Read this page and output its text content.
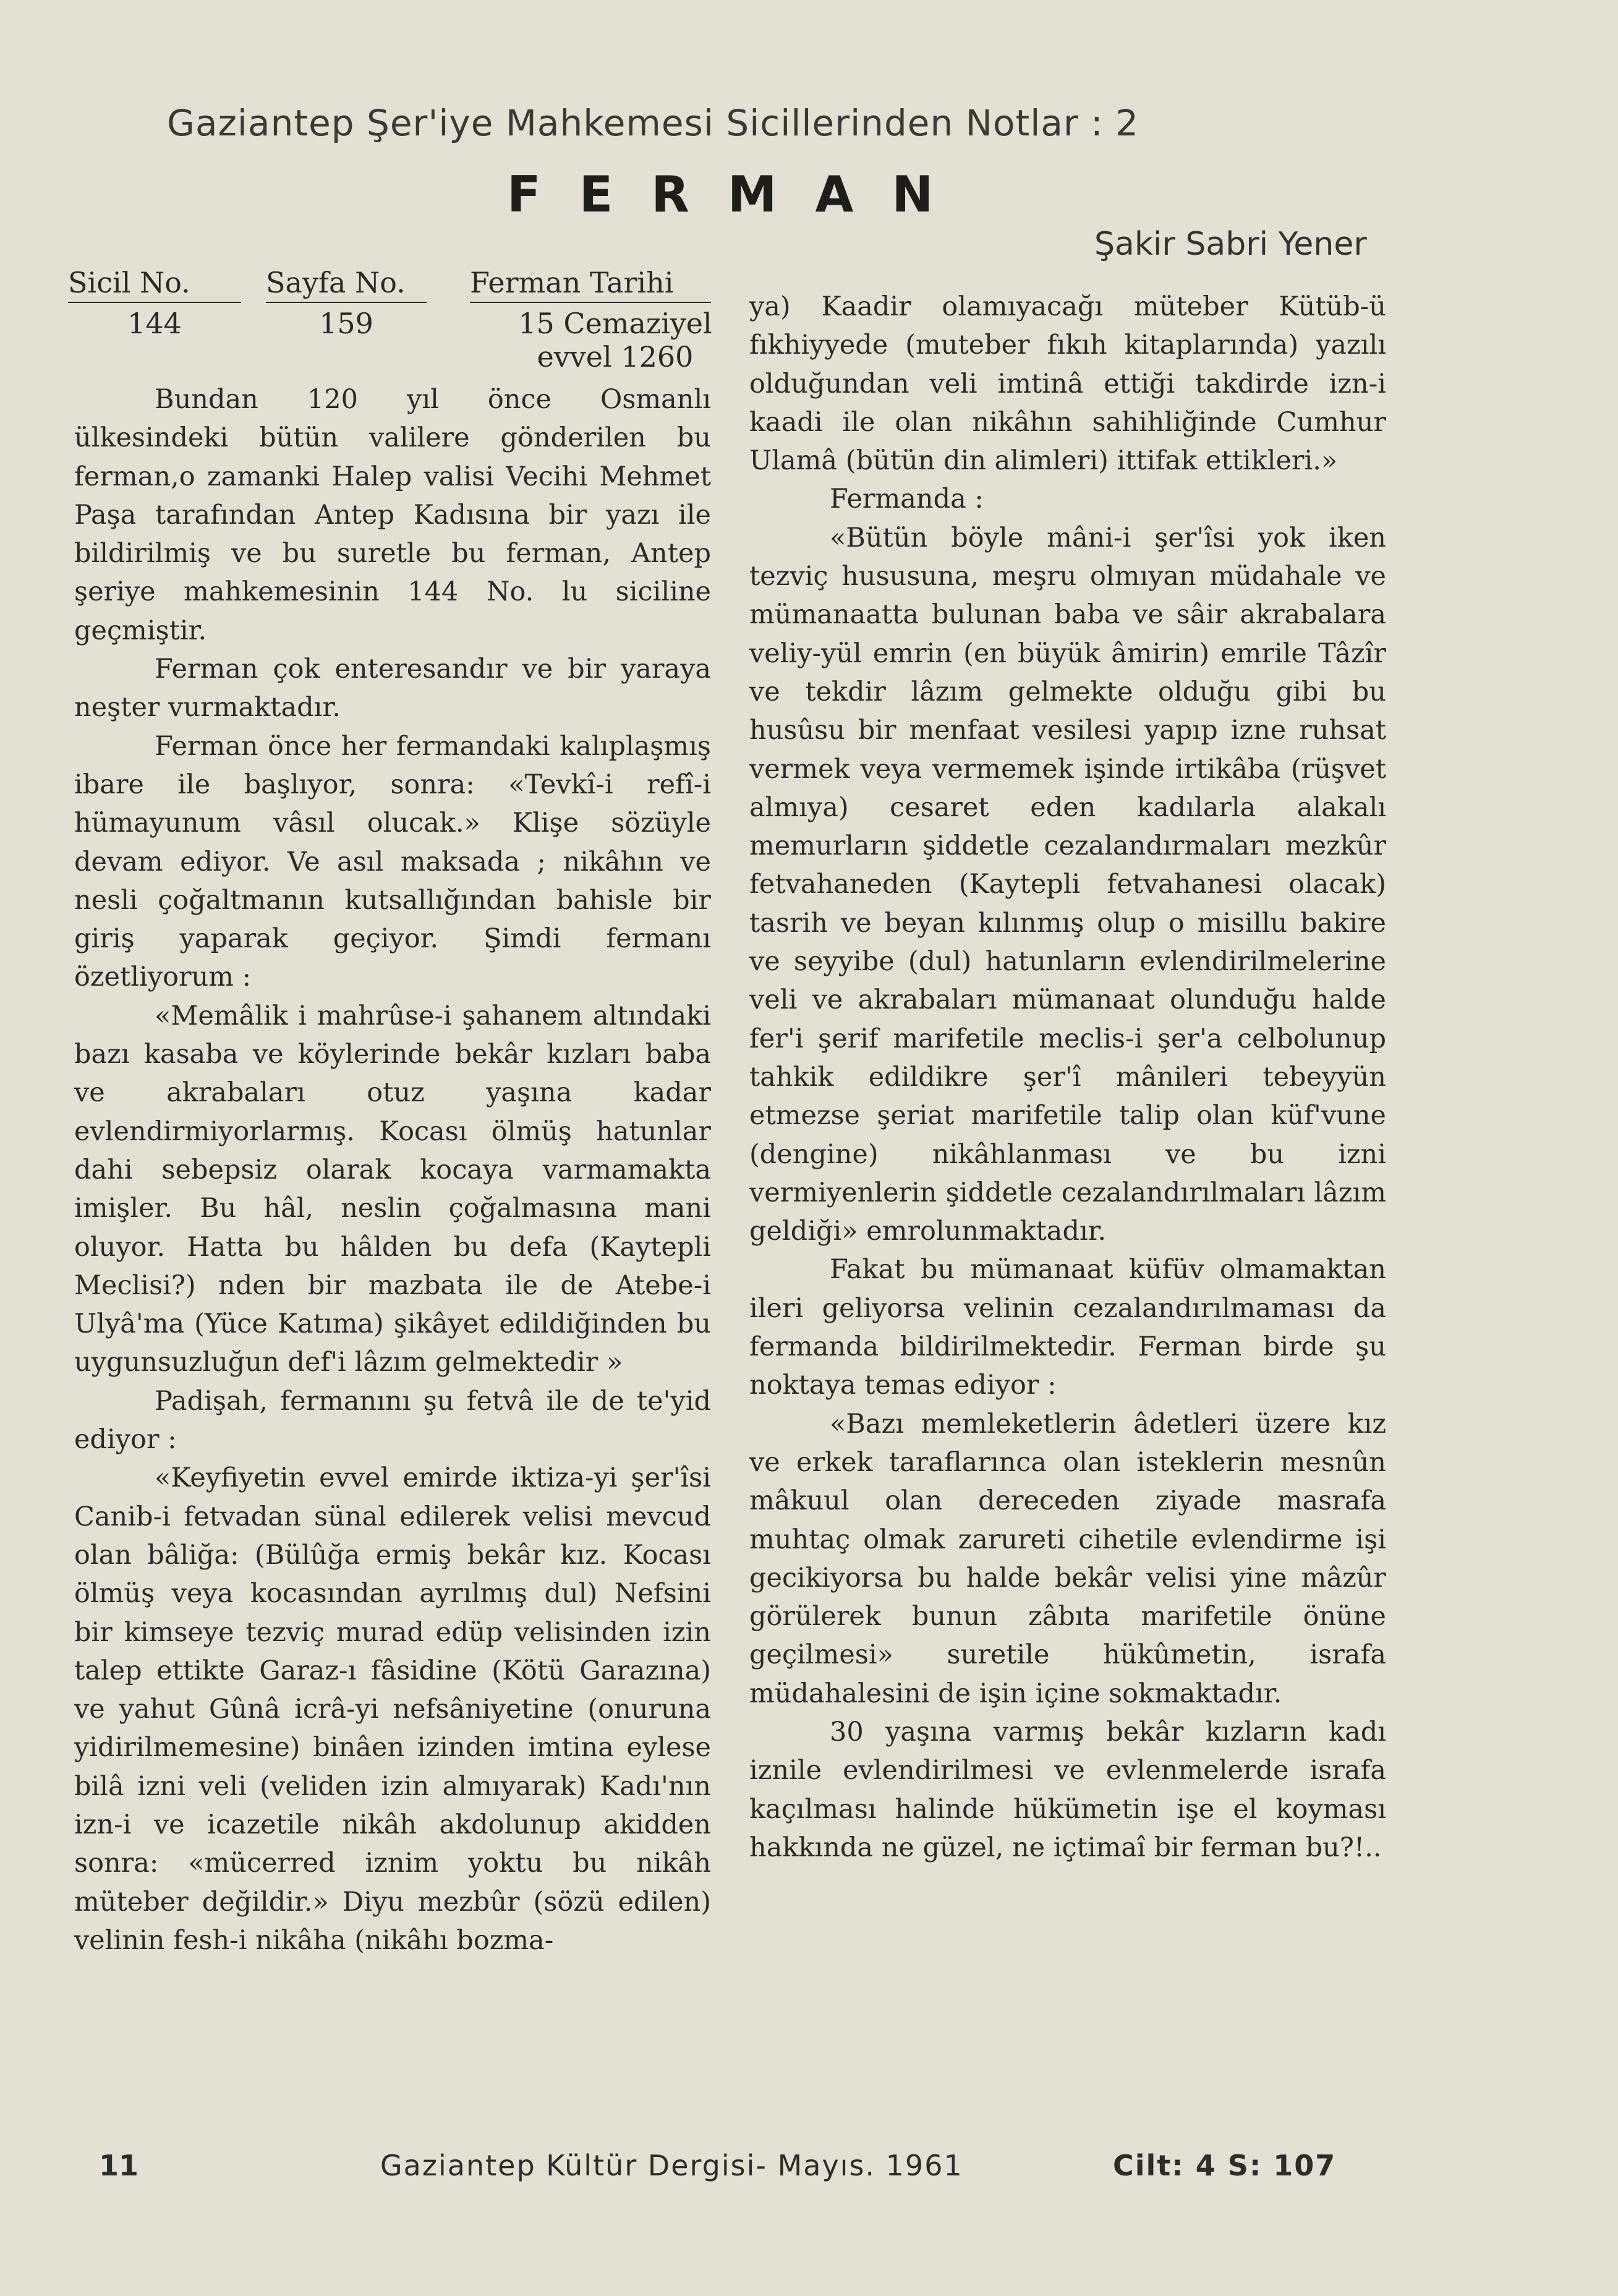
Gaziantep Şer'iye Mahkemesi Sicillerinden Notlar : 2
FERMAN
Şakir Sabri Yener
Sicil No.
144
Sayfa No.
159
Ferman Tarihi
15 Cemaziyel evvel 1260

Bundan 120 yıl önce Osmanlı ülkesindeki bütün valilere gönderilen bu ferman,o zamanki Halep valisi Vecihi Mehmet Paşa tarafından Antep Kadısına bir yazı ile bildirilmiş ve bu suretle bu ferman, Antep şeriye mahkemesinin 144 No. lu siciline geçmiştir.

Ferman çok enteresandır ve bir yaraya neşter vurmaktadır.

Ferman önce her fermandaki kalıplaşmış ibare ile başlıyor, sonra: «Tevkî-i refî-i hümayunum vâsıl olucak.» Klişe sözüyle devam ediyor. Ve asıl maksada ; nikâhın ve nesli çoğaltmanın kutsallığından bahisle bir giriş yaparak geçiyor. Şimdi fermanı özetliyorum :

«Memâlik i mahrûse-i şahanem altındaki bazı kasaba ve köylerinde bekâr kızları baba ve akrabaları otuz yaşına kadar evlendirmiyorlarmış. Kocası ölmüş hatunlar dahi sebepsiz olarak kocaya varmamakta imişler. Bu hâl, neslin çoğalmasına mani oluyor. Hatta bu hâlden bu defa (Kaytepli Meclisi?) nden bir mazbata ile de Atebe-i Ulyâ'ma (Yüce Katıma) şikâyet edildiğinden bu uygunsuzluğun def'i lâzım gelmektedir »

Padişah, fermanını şu fetvâ ile de te'yid ediyor :

«Keyfiyetin evvel emirde iktiza-yi şer'îsi Canib-i fetvadan sünal edilerek velisi mevcud olan bâliğa: (Bülûğa ermiş bekâr kız. Kocası ölmüş veya kocasından ayrılmış dul) Nefsini bir kimseye tezviç murad edüp velisinden izin talep ettikte Garaz-ı fâsidine (Kötü Garazına) ve yahut Gûnâ icrâ-yi nefsâniyetine (onuruna yidirilmemesine) binâen izinden imtina eylese bilâ izni veli (veliden izin almıyarak) Kadı'nın izn-i ve icazetile nikâh akdolunup akidden sonra: «mücerred iznim yoktu bu nikâh müteber değildir.» Diyu mezbûr (sözü edilen) velinin fesh-i nikâha (nikâhı bozma-

ya) Kaadir olamıyacağı müteber Kütüb-ü fıkhiyyede (muteber fıkıh kitaplarında) yazılı olduğundan veli imtinâ ettiği takdirde izn-i kaadi ile olan nikâhın sahihliğinde Cumhur Ulamâ (bütün din alimleri) ittifak ettikleri.»

Fermanda :

«Bütün böyle mâni-i şer'îsi yok iken tezviç hususuna, meşru olmıyan müdahale ve mümanaatta bulunan baba ve sâir akrabalara veliy-yül emrin (en büyük âmirin) emrile Tâzîr ve tekdir lâzım gelmekte olduğu gibi bu husûsu bir menfaat vesilesi yapıp izne ruhsat vermek veya vermemek işinde irtikâba (rüşvet almıya) cesaret eden kadılarla alakalı memurların şiddetle cezalandırmaları mezkûr fetvahaneden (Kaytepli fetvahanesi olacak) tasrih ve beyan kılınmış olup o misillu bakire ve seyyibe (dul) hatunların evlendirilmelerine veli ve akrabaları mümanaat olunduğu halde fer'i şerif marifetile meclis-i şer'a celbolunup tahkik edildikre şer'î mânileri tebeyyün etmezse şeriat marifetile talip olan küf'vune (dengine) nikâhlanması ve bu izni vermiyenlerin şiddetle cezalandırılmaları lâzım geldiği» emrolunmaktadır.

Fakat bu mümanaat küfüv olmamaktan ileri geliyorsa velinin cezalandırılmaması da fermanda bildirilmektedir. Ferman birde şu noktaya temas ediyor :

«Bazı memleketlerin âdetleri üzere kız ve erkek taraflarınca olan isteklerin mesnûn mâkuul olan dereceden ziyade masrafa muhtaç olmak zarureti cihetile evlendirme işi gecikiyorsa bu halde bekâr velisi yine mâzûr görülerek bunun zâbıta marifetile önüne geçilmesi» suretile hükûmetin, israfa müdahalesini de işin içine sokmaktadır.

30 yaşına varmış bekâr kızların kadı iznile evlendirilmesi ve evlenmelerde israfa kaçılması halinde hükümetin işe el koyması hakkında ne güzel, ne içtimaî bir ferman bu?!..

11	Gaziantep Kültür Dergisi- Mayıs. 1961	Cilt: 4 S: 107
